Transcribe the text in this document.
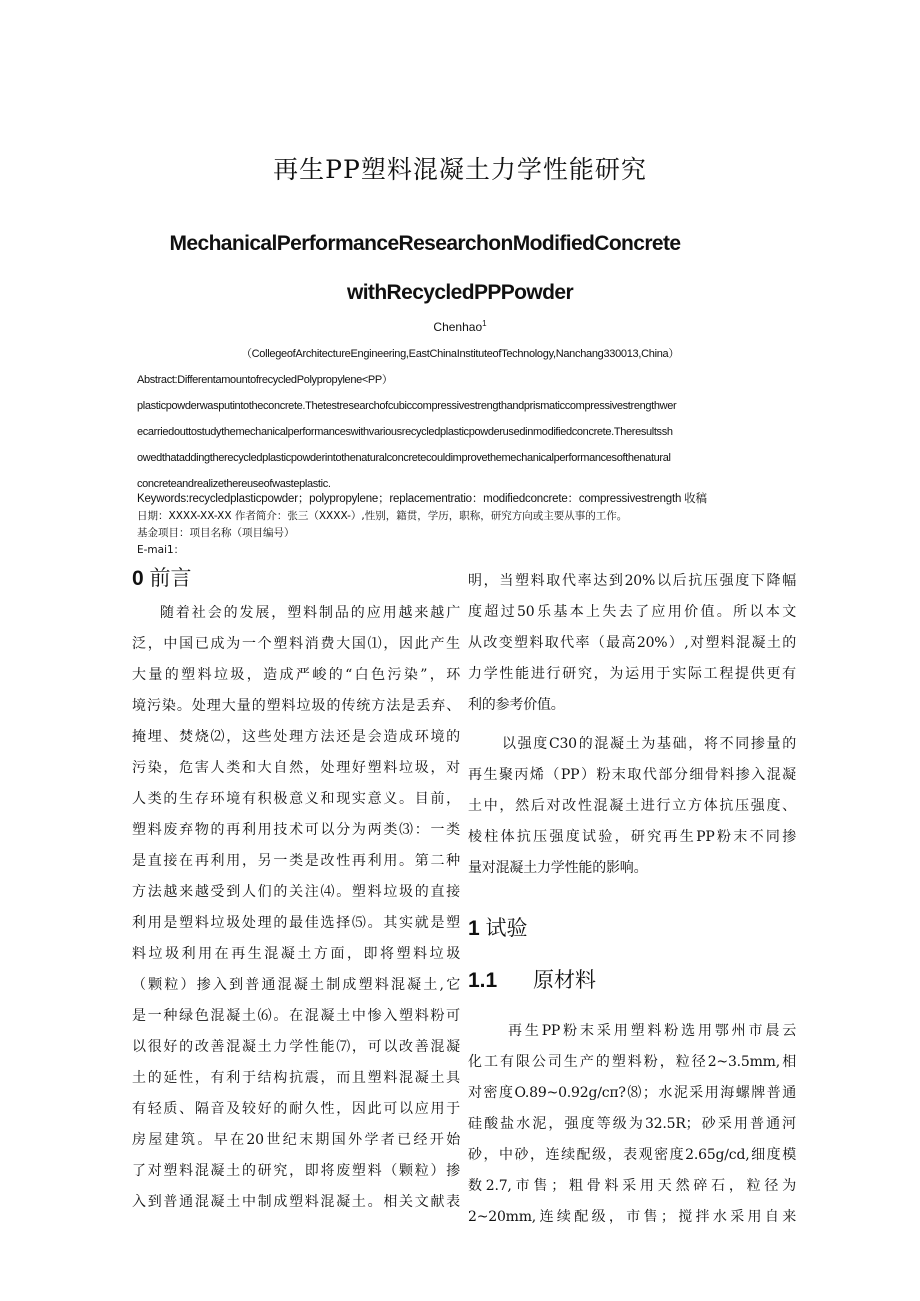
再生PP塑料混凝土力学性能研究
MechanicalPerformanceResearchonModifiedConcrete
withRecycledPPPowder
Chenhao$^1$
（CollegeofArchitectureEngineering,EastChinaInstituteofTechnology,Nanchang330013,China）

Abstract:DifferentamountofrecycledPolypropylene<PP）

plasticpowderwasputintotheconcrete.Thetestresearchofcubiccompressivestrengthandprismaticcompressivestrengthwer

ecarriedouttostudythemechanicalperformanceswithvariousrecycledplasticpowderusedinmodifiedconcrete.Theresultssh

owedthataddingtherecycledplasticpowderintothenaturalconcretecouldimprovethemechanicalperformancesofthenatural

concreteandrealizethereuseofwasteplastic.

Keywords:recycledplasticpowder；polypropylene；replacementratio：modifiedconcrete：compressivestrength 收稿

日期：XXXX-XX-XX 作者简介：张三（XXXX-）,性别，籍贯，学历，职称，研究方向或主要从事的工作。

基金项目：项目名称（项目编号）

E-mai1：

0 前言

随着社会的发展，塑料制品的应用越来越广

泛，中国已成为一个塑料消费大国⑴，因此产生

大量的塑料垃圾，造成严峻的“白色污染”，环

境污染。处理大量的塑料垃圾的传统方法是丢弃、

掩埋、焚烧⑵，这些处理方法还是会造成环境的

污染，危害人类和大自然，处理好塑料垃圾，对

人类的生存环境有积极意义和现实意义。目前，

塑料废弃物的再利用技术可以分为两类⑶：一类

是直接在再利用，另一类是改性再利用。第二种

方法越来越受到人们的关注⑷。塑料垃圾的直接

利用是塑料垃圾处理的最佳选择⑸。其实就是塑

料垃圾利用在再生混凝土方面，即将塑料垃圾

（颗粒）掺入到普通混凝土制成塑料混凝土,它

是一种绿色混凝土⑹。在混凝土中惨入塑料粉可

以很好的改善混凝土力学性能⑺，可以改善混凝

土的延性，有利于结构抗震，而且塑料混凝土具

有轻质、隔音及较好的耐久性，因此可以应用于

房屋建筑。早在20世纪末期国外学者已经开始

了对塑料混凝土的研究，即将废塑料（颗粒）掺

入到普通混凝土中制成塑料混凝土。相关文献表

明，当塑料取代率达到20%以后抗压强度下降幅

度超过50乐基本上失去了应用价值。所以本文

从改变塑料取代率（最高20%）,对塑料混凝土的

力学性能进行研究，为运用于实际工程提供更有

利的参考价值。

以强度C30的混凝土为基础，将不同掺量的

再生聚丙烯（PP）粉末取代部分细骨料掺入混凝

土中，然后对改性混凝土进行立方体抗压强度、

棱柱体抗压强度试验，研究再生PP粉末不同掺

量对混凝土力学性能的影响。

1 试验
1.1 原材料

再生PP粉末采用塑料粉选用鄂州市晨云

化工有限公司生产的塑料粉，粒径2~3.5mm,相

对密度O.89~0.92g∕cπ?⑻；水泥采用海螺牌普通

硅酸盐水泥，强度等级为32.5R；砂采用普通河

砂，中砂，连续配级，表观密度2.65g∕cd,细度模

数2.7,市售；粗骨料采用天然碎石，粒径为

2~20mm,连续配级，市售；搅拌水采用自来
